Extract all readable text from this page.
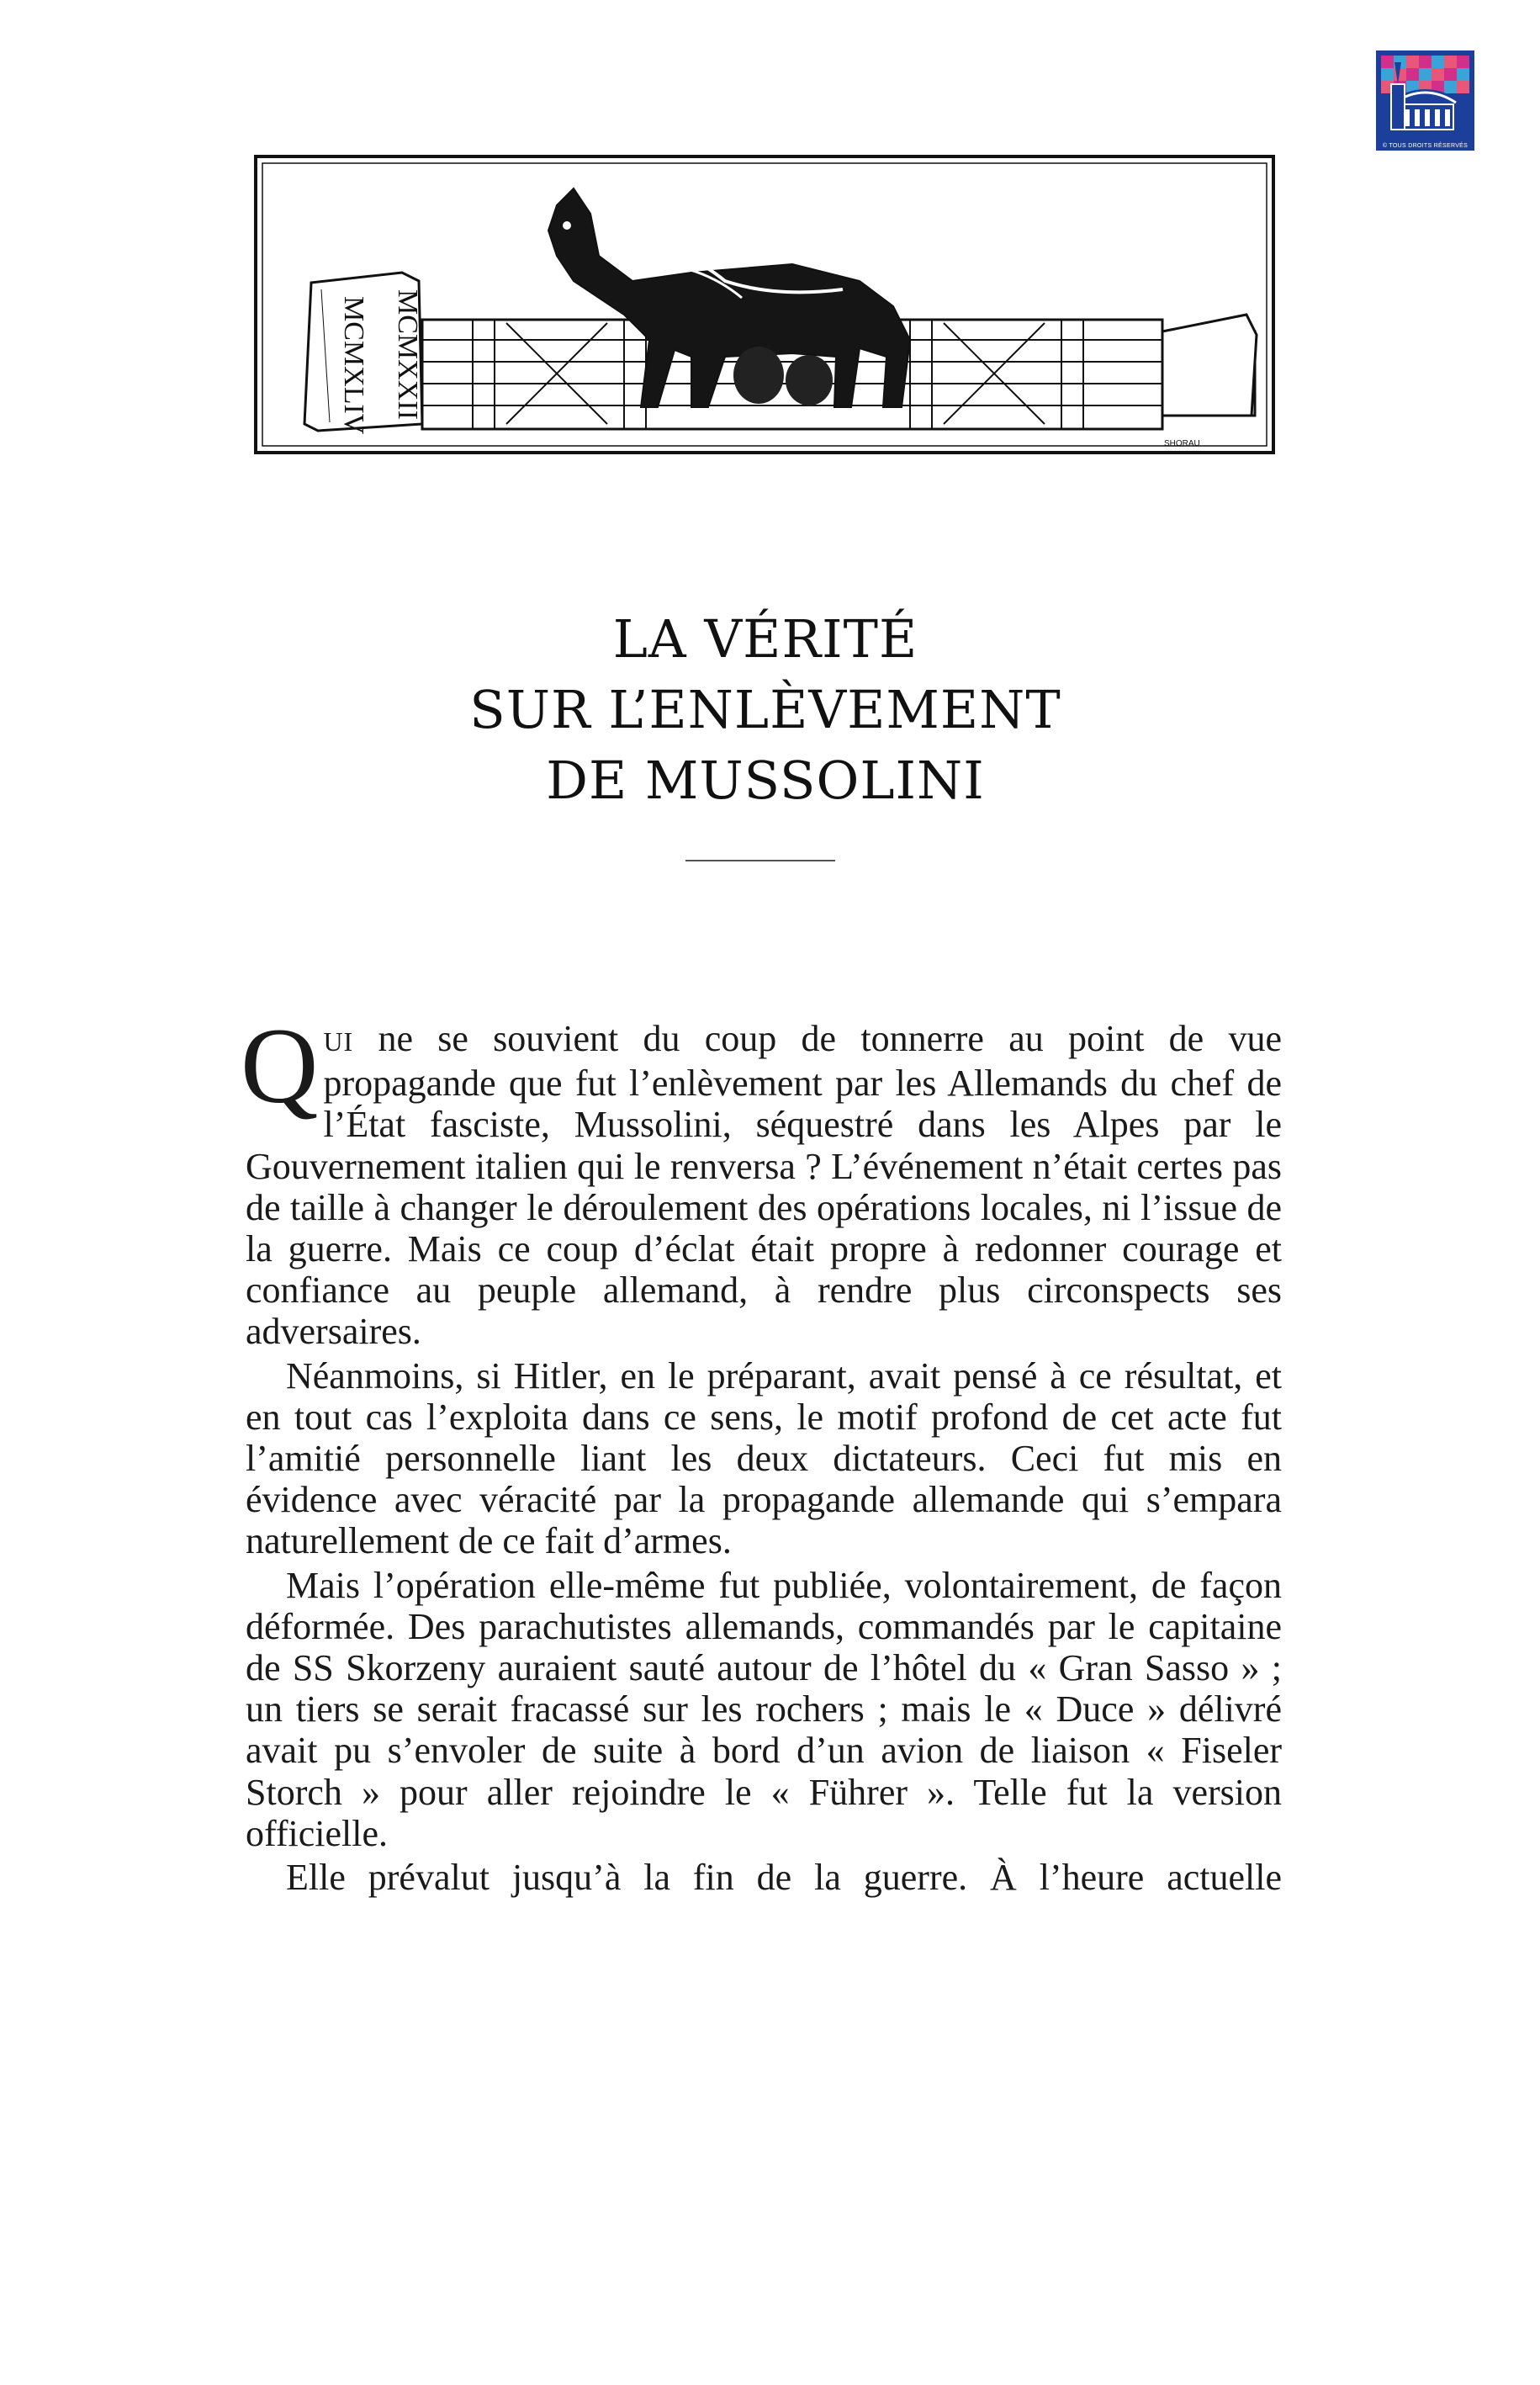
© TOUS DROITS RÉSERVÉS
MCMXXII
MCMXLIV
SHORAU
LA VÉRITÉ
SUR L’ENLÈVEMENT
DE MUSSOLINI

QUI ne se souvient du coup de tonnerre au point de vue propagande que fut l’enlèvement par les Allemands du chef de l’État fasciste, Mussolini, séquestré dans les Alpes par le Gouvernement italien qui le renversa ? L’événement n’était certes pas de taille à changer le déroulement des opérations locales, ni l’issue de la guerre. Mais ce coup d’éclat était propre à redonner courage et confiance au peuple allemand, à rendre plus circonspects ses adversaires.

Néanmoins, si Hitler, en le préparant, avait pensé à ce résultat, et en tout cas l’exploita dans ce sens, le motif profond de cet acte fut l’amitié personnelle liant les deux dictateurs. Ceci fut mis en évidence avec véracité par la propagande allemande qui s’empara naturellement de ce fait d’armes.

Mais l’opération elle-même fut publiée, volontairement, de façon déformée. Des parachutistes allemands, commandés par le capitaine de SS Skorzeny auraient sauté autour de l’hôtel du « Gran Sasso » ; un tiers se serait fracassé sur les rochers ; mais le « Duce » délivré avait pu s’envoler de suite à bord d’un avion de liaison « Fiseler Storch » pour aller rejoindre le « Führer ». Telle fut la version officielle.

Elle prévalut jusqu’à la fin de la guerre. À l’heure actuelle
